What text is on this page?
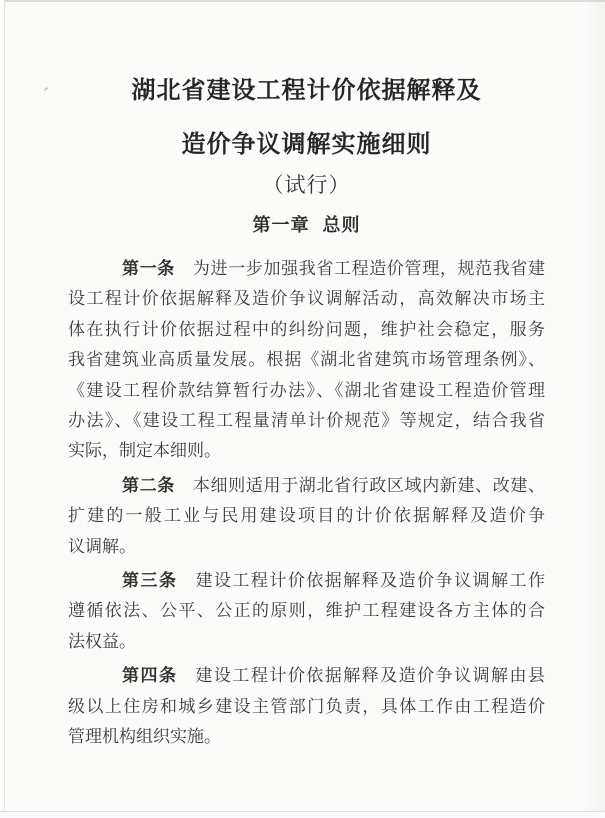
湖北省建设工程计价依据解释及
造价争议调解实施细则
（试行）
第一章 总则
第一条 为进一步加强我省工程造价管理，规范我省建
设工程计价依据解释及造价争议调解活动，高效解决市场主
体在执行计价依据过程中的纠纷问题，维护社会稳定，服务
我省建筑业高质量发展。根据《湖北省建筑市场管理条例》、
《建设工程价款结算暂行办法》、《湖北省建设工程造价管理
办法》、《建设工程工程量清单计价规范》等规定，结合我省
实际，制定本细则。
第二条 本细则适用于湖北省行政区域内新建、改建、
扩建的一般工业与民用建设项目的计价依据解释及造价争
议调解。
第三条 建设工程计价依据解释及造价争议调解工作
遵循依法、公平、公正的原则，维护工程建设各方主体的合
法权益。
第四条 建设工程计价依据解释及造价争议调解由县
级以上住房和城乡建设主管部门负责，具体工作由工程造价
管理机构组织实施。
